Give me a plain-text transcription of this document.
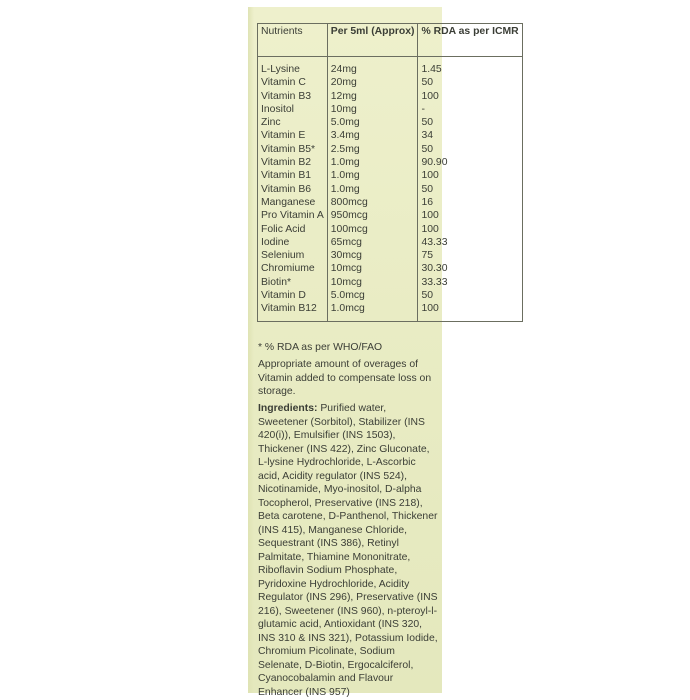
Nutrients	Per 5ml (Approx)	% RDA as per ICMR
L-Lysine	24mg	1.45
Vitamin C	20mg	50
Vitamin B3	12mg	100
Inositol	10mg	-
Zinc	5.0mg	50
Vitamin E	3.4mg	34
Vitamin B5*	2.5mg	50
Vitamin B2	1.0mg	90.90
Vitamin B1	1.0mg	100
Vitamin B6	1.0mg	50
Manganese	800mcg	16
Pro Vitamin A	950mcg	100
Folic Acid	100mcg	100
Iodine	65mcg	43.33
Selenium	30mcg	75
Chromiume	10mcg	30.30
Biotin*	10mcg	33.33
Vitamin D	5.0mcg	50
Vitamin B12	1.0mcg	100
* % RDA as per WHO/FAO
Appropriate amount of overages of Vitamin added to compensate loss on storage.
Ingredients: Purified water, Sweetener (Sorbitol), Stabilizer (INS 420(i)), Emulsifier (INS 1503), Thickener (INS 422), Zinc Gluconate, L-lysine Hydrochloride, L-Ascorbic acid, Acidity regulator (INS 524), Nicotinamide, Myo-inositol, D-alpha Tocopherol, Preservative (INS 218), Beta carotene, D-Panthenol, Thickener (INS 415), Manganese Chloride, Sequestrant (INS 386), Retinyl Palmitate, Thiamine Mononitrate, Riboflavin Sodium Phosphate, Pyridoxine Hydrochloride, Acidity Regulator (INS 296), Preservative (INS 216), Sweetener (INS 960), n-pteroyl-l-glutamic acid, Antioxidant (INS 320, INS 310 & INS 321), Potassium Iodide, Chromium Picolinate, Sodium Selenate, D-Biotin, Ergocalciferol, Cyanocobalamin and Flavour Enhancer (INS 957)
